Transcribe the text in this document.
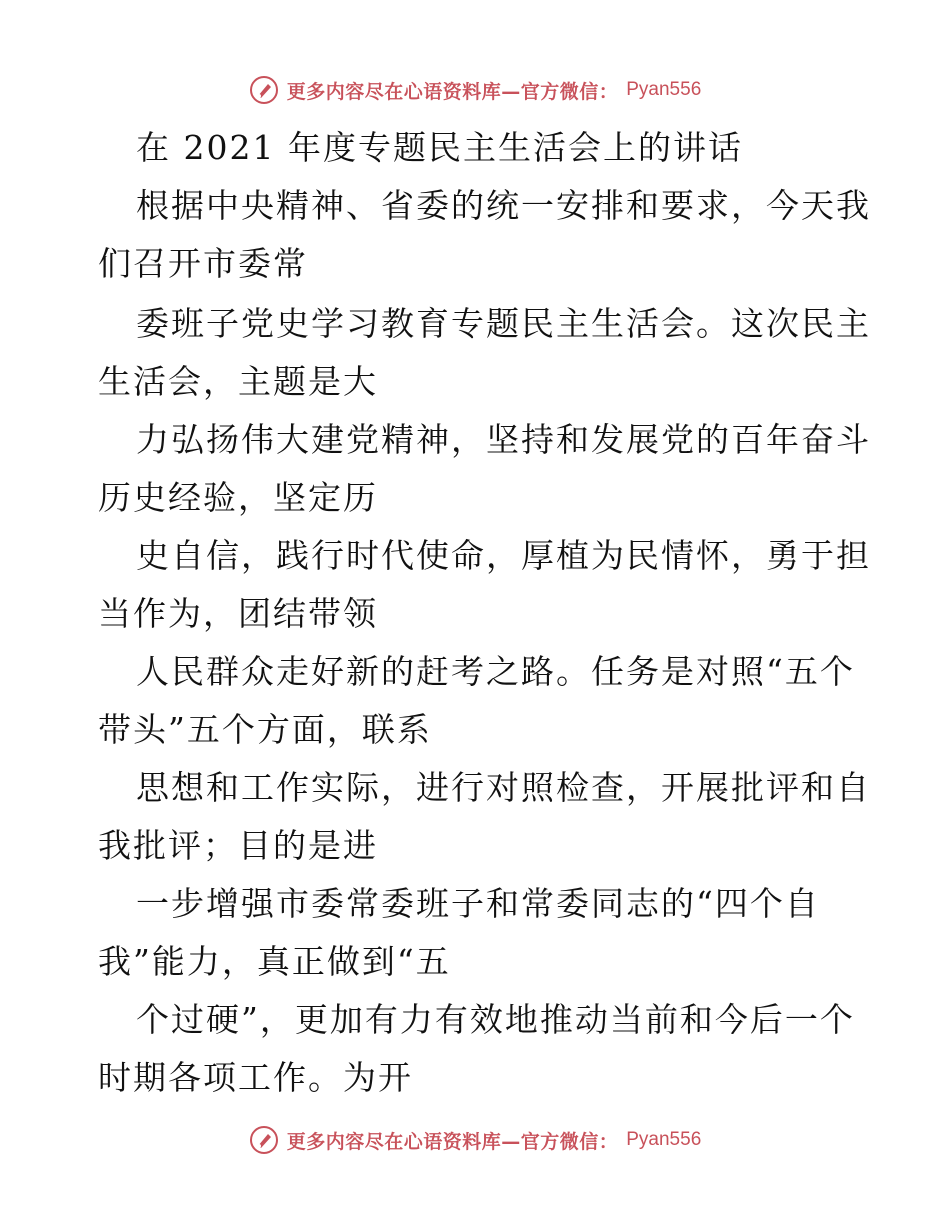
更多内容尽在心语资料库—官方微信： Pyan556
在 2021 年度专题民主生活会上的讲话
根据中央精神、省委的统一安排和要求，今天我
们召开市委常
委班子党史学习教育专题民主生活会。这次民主
生活会，主题是大
力弘扬伟大建党精神，坚持和发展党的百年奋斗
历史经验，坚定历
史自信，践行时代使命，厚植为民情怀，勇于担
当作为，团结带领
人民群众走好新的赶考之路。任务是对照“五个
带头”五个方面，联系
思想和工作实际，进行对照检查，开展批评和自
我批评；目的是进
一步增强市委常委班子和常委同志的“四个自
我”能力，真正做到“五
个过硬”，更加有力有效地推动当前和今后一个
时期各项工作。为开
更多内容尽在心语资料库—官方微信： Pyan556
